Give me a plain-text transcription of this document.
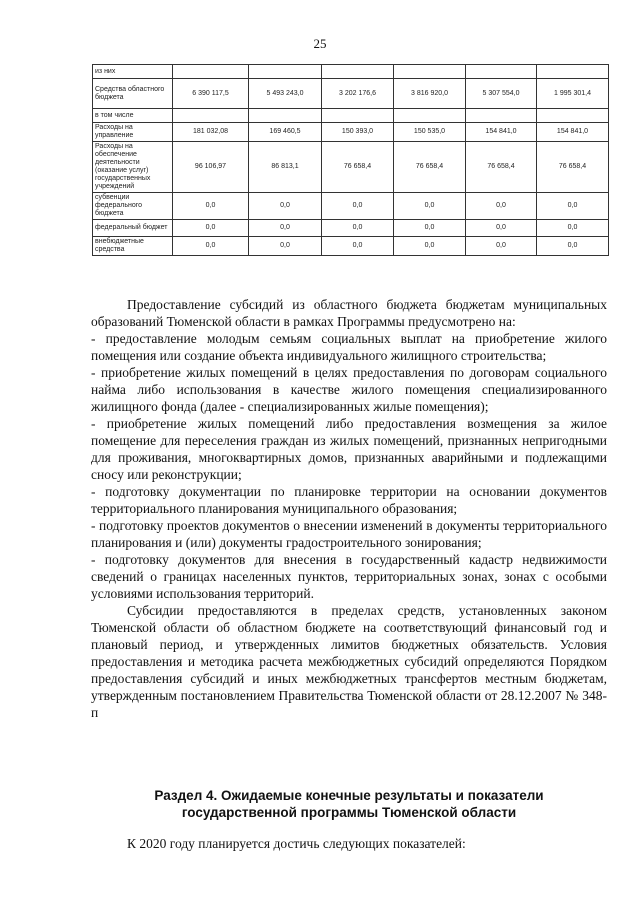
25
из них						
Средства областного бюджета	6 390 117,5	5 493 243,0	3 202 176,6	3 816 920,0	5 307 554,0	1 995 301,4
в том числе						
Расходы на управление	181 032,08	169 460,5	150 393,0	150 535,0	154 841,0	154 841,0
Расходы на обеспечение деятельности (оказание услуг) государственных учреждений	96 106,97	86 813,1	76 658,4	76 658,4	76 658,4	76 658,4
субвенции федерального бюджета	0,0	0,0	0,0	0,0	0,0	0,0
федеральный бюджет	0,0	0,0	0,0	0,0	0,0	0,0
внебюджетные средства	0,0	0,0	0,0	0,0	0,0	0,0

Предоставление субсидий из областного бюджета бюджетам муниципальных образований Тюменской области в рамках Программы предусмотрено на:

- предоставление молодым семьям социальных выплат на приобретение жилого помещения или создание объекта индивидуального жилищного строительства;

- приобретение жилых помещений в целях предоставления по договорам социального найма либо использования в качестве жилого помещения специализированного жилищного фонда (далее - специализированных жилые помещения);

- приобретение жилых помещений либо предоставления возмещения за жилое помещение для переселения граждан из жилых помещений, признанных непригодными для проживания, многоквартирных домов, признанных аварийными и подлежащими сносу или реконструкции;

- подготовку документации по планировке территории на основании документов территориального планирования муниципального образования;

- подготовку проектов документов о внесении изменений в документы территориального планирования и (или) документы градостроительного зонирования;

- подготовку документов для внесения в государственный кадастр недвижимости сведений о границах населенных пунктов, территориальных зонах, зонах с особыми условиями использования территорий.

Субсидии предоставляются в пределах средств, установленных законом Тюменской области об областном бюджете на соответствующий финансовый год и плановый период, и утвержденных лимитов бюджетных обязательств. Условия предоставления и методика расчета межбюджетных субсидий определяются Порядком предоставления субсидий и иных межбюджетных трансфертов местным бюджетам, утвержденным постановлением Правительства Тюменской области от 28.12.2007 № 348-п

Раздел 4. Ожидаемые конечные результаты и показатели
государственной программы Тюменской области
К 2020 году планируется достичь следующих показателей:
